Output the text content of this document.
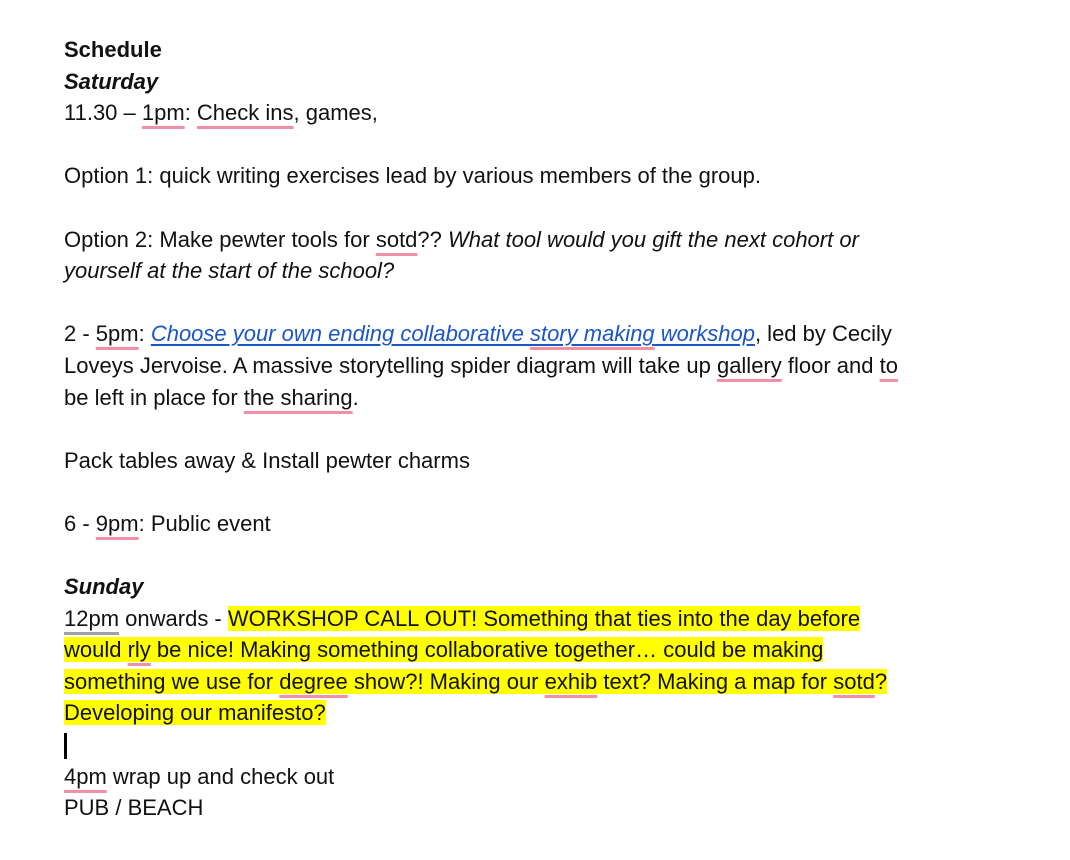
Schedule
Saturday
11.30 – 1pm: Check ins, games,
Option 1: quick writing exercises lead by various members of the group.
Option 2: Make pewter tools for sotd?? What tool would you gift the next cohort or
yourself at the start of the school?
2 - 5pm: Choose your own ending collaborative story making workshop, led by Cecily
Loveys Jervoise. A massive storytelling spider diagram will take up gallery floor and to
be left in place for the sharing.
Pack tables away & Install pewter charms
6 - 9pm: Public event
Sunday
12pm onwards - WORKSHOP CALL OUT! Something that ties into the day before
would rly be nice! Making something collaborative together… could be making
something we use for degree show?! Making our exhib text? Making a map for sotd?
Developing our manifesto?
4pm wrap up and check out
PUB / BEACH
